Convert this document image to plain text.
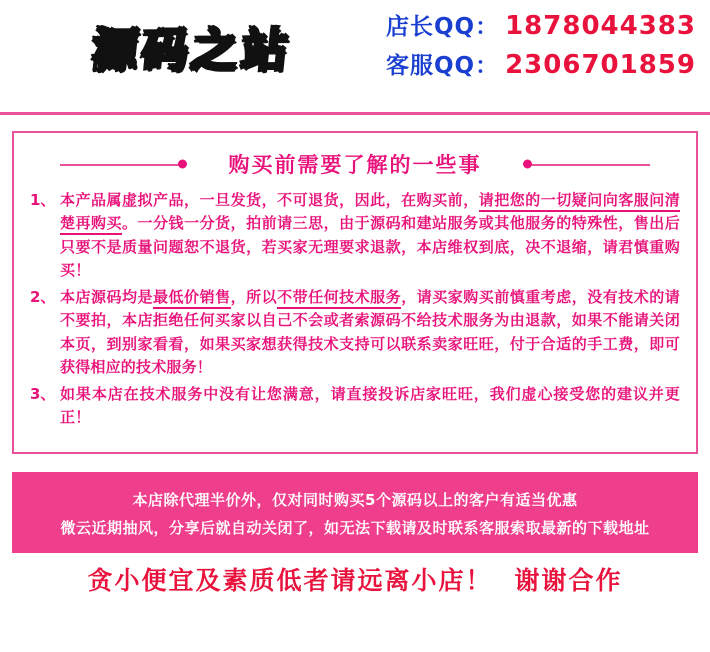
源码之站	店长QQ： 1878044383
客服QQ： 2306701859
购买前需要了解的一些事
1、 本产品属虚拟产品，一旦发货，不可退货，因此，在购买前，请把您的一切疑问向客服问清楚再购买。一分钱一分货，拍前请三思，由于源码和建站服务或其他服务的特殊性，售出后只要不是质量问题恕不退货，若买家无理要求退款，本店维权到底，决不退缩，请君慎重购买！
2、 本店源码均是最低价销售，所以不带任何技术服务，请买家购买前慎重考虑，没有技术的请不要拍，本店拒绝任何买家以自己不会或者索源码不给技术服务为由退款，如果不能请关闭本页，到别家看看，如果买家想获得技术支持可以联系卖家旺旺，付于合适的手工费，即可获得相应的技术服务！
3、 如果本店在技术服务中没有让您满意，请直接投诉店家旺旺，我们虚心接受您的建议并更正！
本店除代理半价外，仅对同时购买5个源码以上的客户有适当优惠
微云近期抽风，分享后就自动关闭了，如无法下载请及时联系客服索取最新的下载地址
贪小便宜及素质低者请远离小店！ 谢谢合作
